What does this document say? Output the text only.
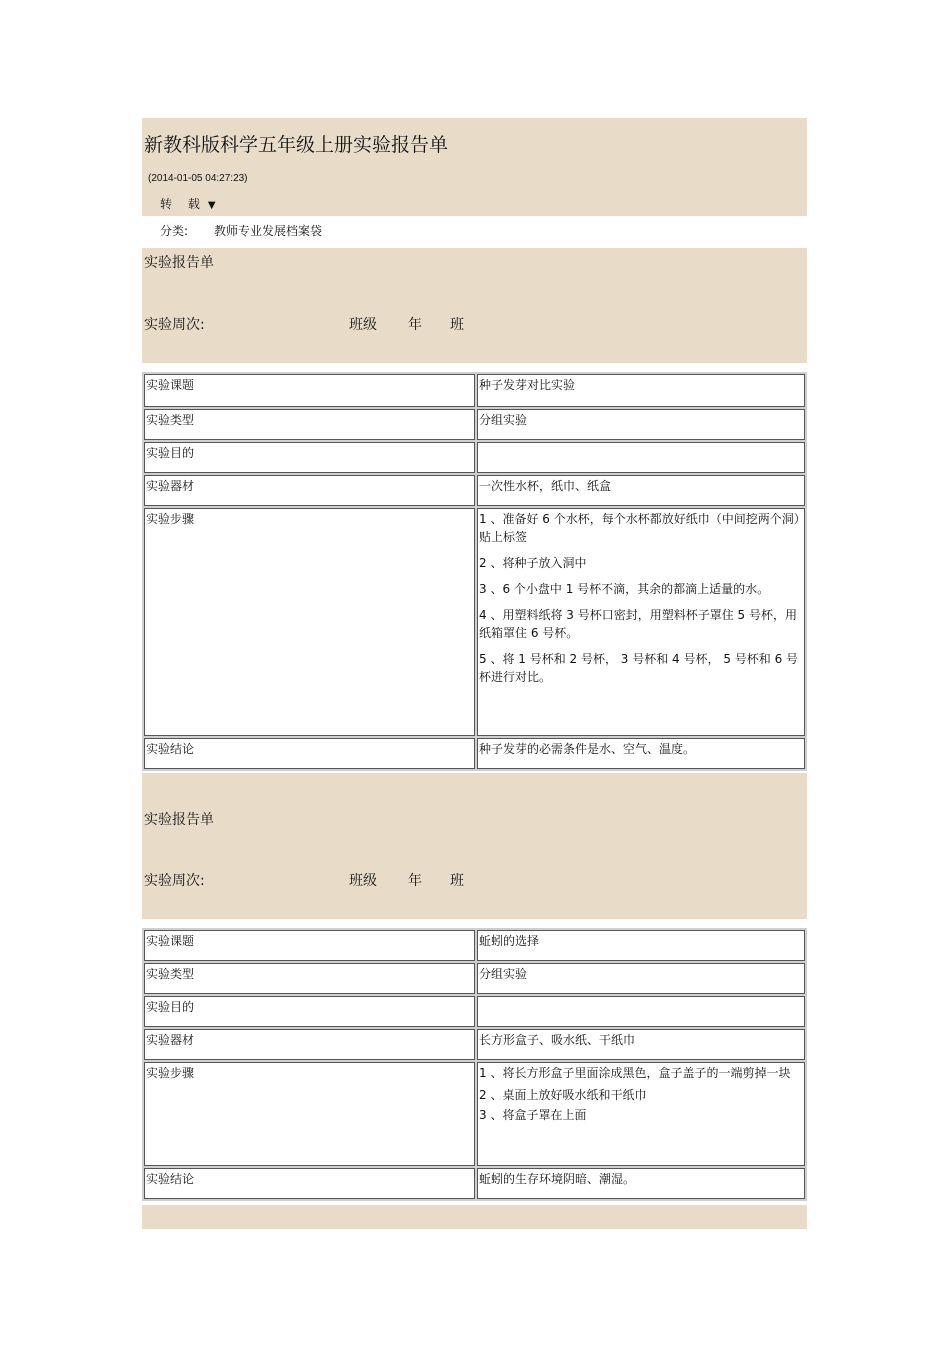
新教科版科学五年级上册实验报告单
(2014-01-05 04:27:23)
转 载 ▼
分类: 教师专业发展档案袋
实验报告单
实验周次:	班级 年 班
实验课题	种子发芽对比实验
实验类型	分组实验
实验目的	
实验器材	一次性水杯，纸巾、纸盒
实验步骤	1 、准备好 6 个水杯，每个水杯都放好纸巾（中间挖两个洞）贴上标签
2 、将种子放入洞中
3 、6 个小盘中 1 号杯不滴，其余的都滴上适量的水。
4 、用塑料纸将 3 号杯口密封，用塑料杯子罩住 5 号杯，用纸箱罩住 6 号杯。
5 、将 1 号杯和 2 号杯， 3 号杯和 4 号杯， 5 号杯和 6 号杯进行对比。

实验结论	种子发芽的必需条件是水、空气、温度。
实验报告单
实验周次:	班级 年 班
实验课题	蚯蚓的选择
实验类型	分组实验
实验目的	
实验器材	长方形盒子、吸水纸、干纸巾
实验步骤	1 、将长方形盒子里面涂成黑色，盒子盖子的一端剪掉一块
2 、桌面上放好吸水纸和干纸巾
3 、将盒子罩在上面

实验结论	蚯蚓的生存环境阴暗、潮湿。
